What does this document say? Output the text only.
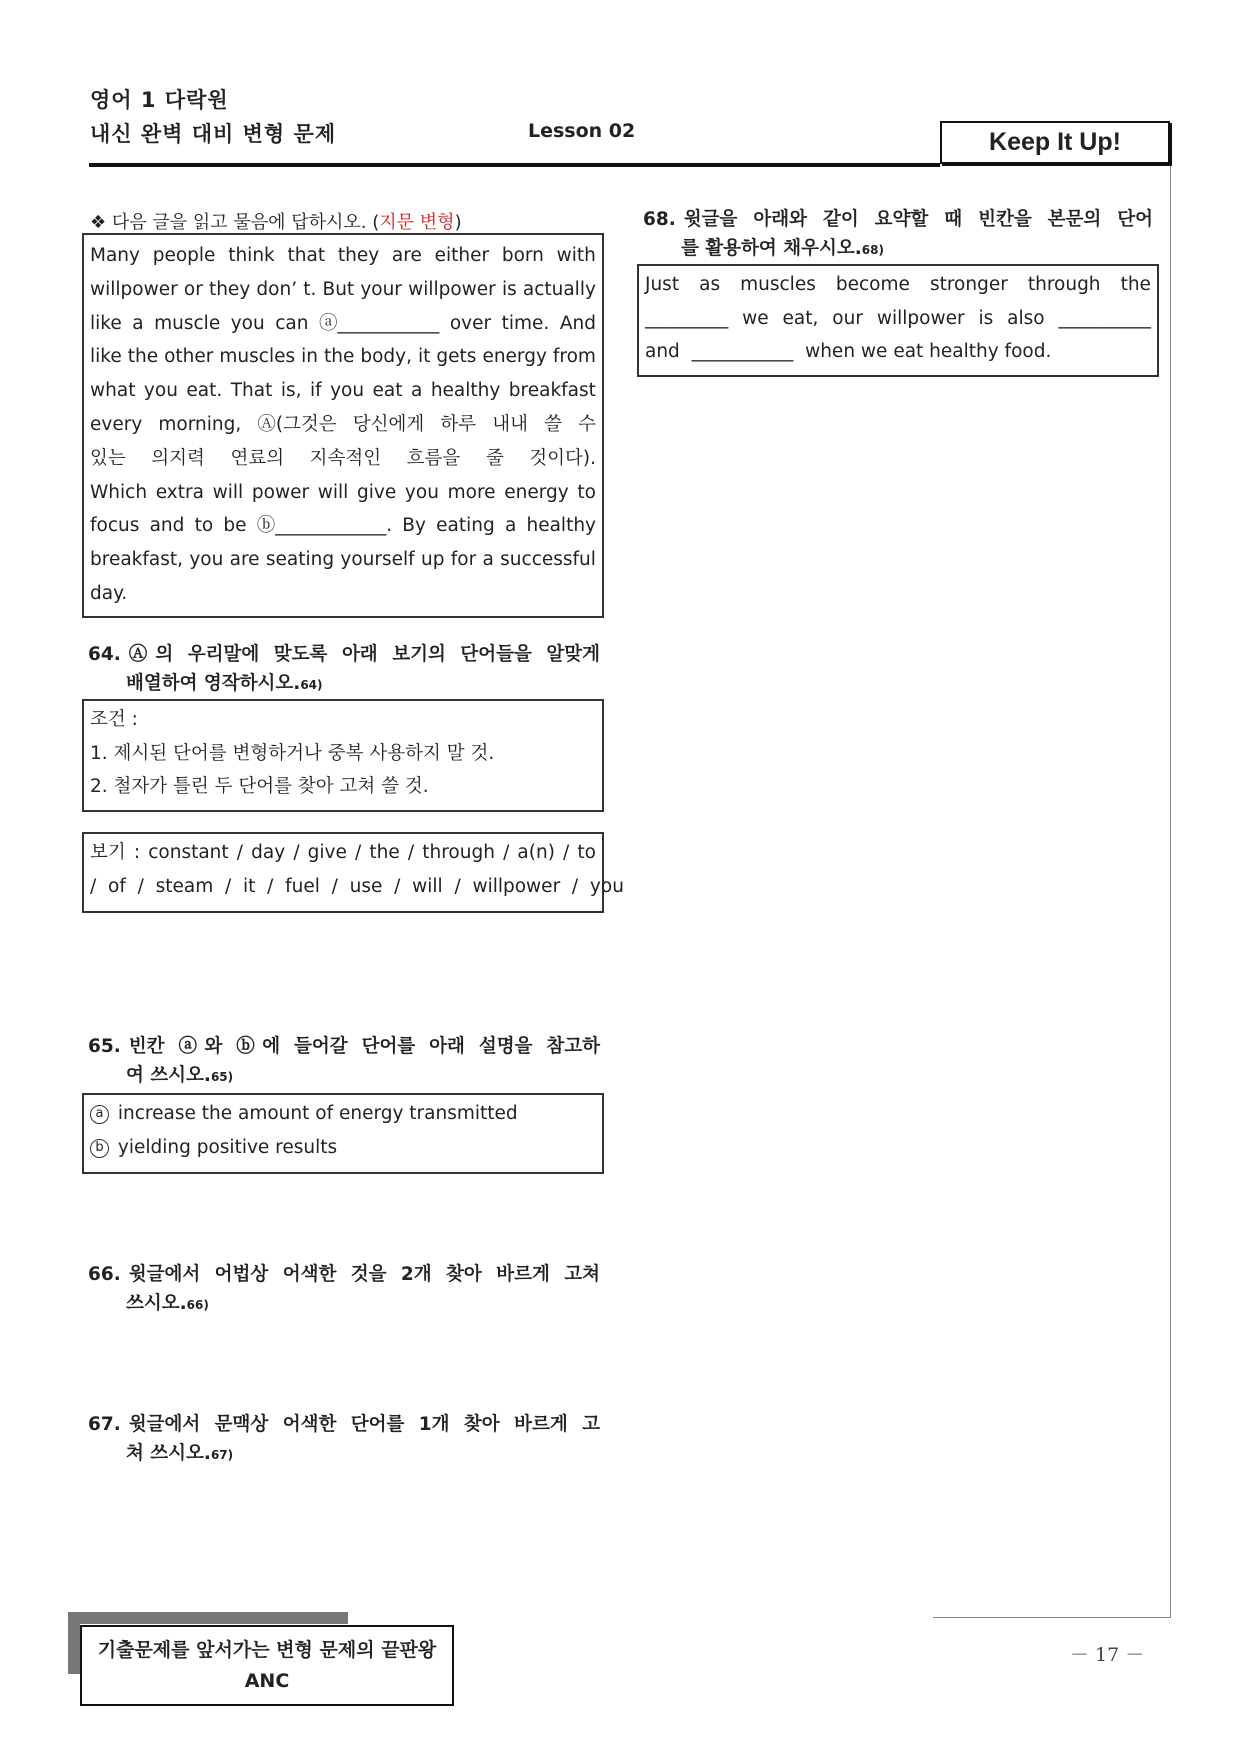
영어 1 다락원
내신 완벽 대비 변형 문제	Lesson 02	Keep It Up!
❖ 다음 글을 읽고 물음에 답하시오. (지문 변형)
Many people think that they are either born with
willpower or they don’ t. But your willpower is actually
like a muscle you can ⓐ___________ over time. And
like the other muscles in the body, it gets energy from
what you eat. That is, if you eat a healthy breakfast
every morning, Ⓐ(그것은 당신에게 하루 내내 쓸 수
있는 의지력 연료의 지속적인 흐름을 줄 것이다).
Which extra will power will give you more energy to
focus and to be ⓑ____________. By eating a healthy
breakfast, you are seating yourself up for a successful
day.
64. Ⓐ의 우리말에 맞도록 아래 보기의 단어들을 알맞게
배열하여 영작하시오.64)
조건 :
1. 제시된 단어를 변형하거나 중복 사용하지 말 것.
2. 철자가 틀린 두 단어를 찾아 고쳐 쓸 것.
보기 : constant / day / give / the / through / a(n) / to
/  of  /  steam  /  it  /  fuel  /  use  /  will  /  willpower  /  you
65. 빈칸 ⓐ와 ⓑ에 들어갈 단어를 아래 설명을 참고하
여 쓰시오.65)
a increase the amount of energy transmitted
b yielding positive results
66. 윗글에서 어법상 어색한 것을 2개 찾아 바르게 고쳐
쓰시오.66)
67. 윗글에서 문맥상 어색한 단어를 1개 찾아 바르게 고
쳐 쓰시오.67)
68. 윗글을 아래와 같이 요약할 때 빈칸을 본문의 단어
를 활용하여 채우시오.68)
Just as muscles become stronger through the
_________ we eat, our willpower is also __________
and  ___________  when we eat healthy food.
기출문제를 앞서가는 변형 문제의 끝판왕
ANC
－ 17 －
